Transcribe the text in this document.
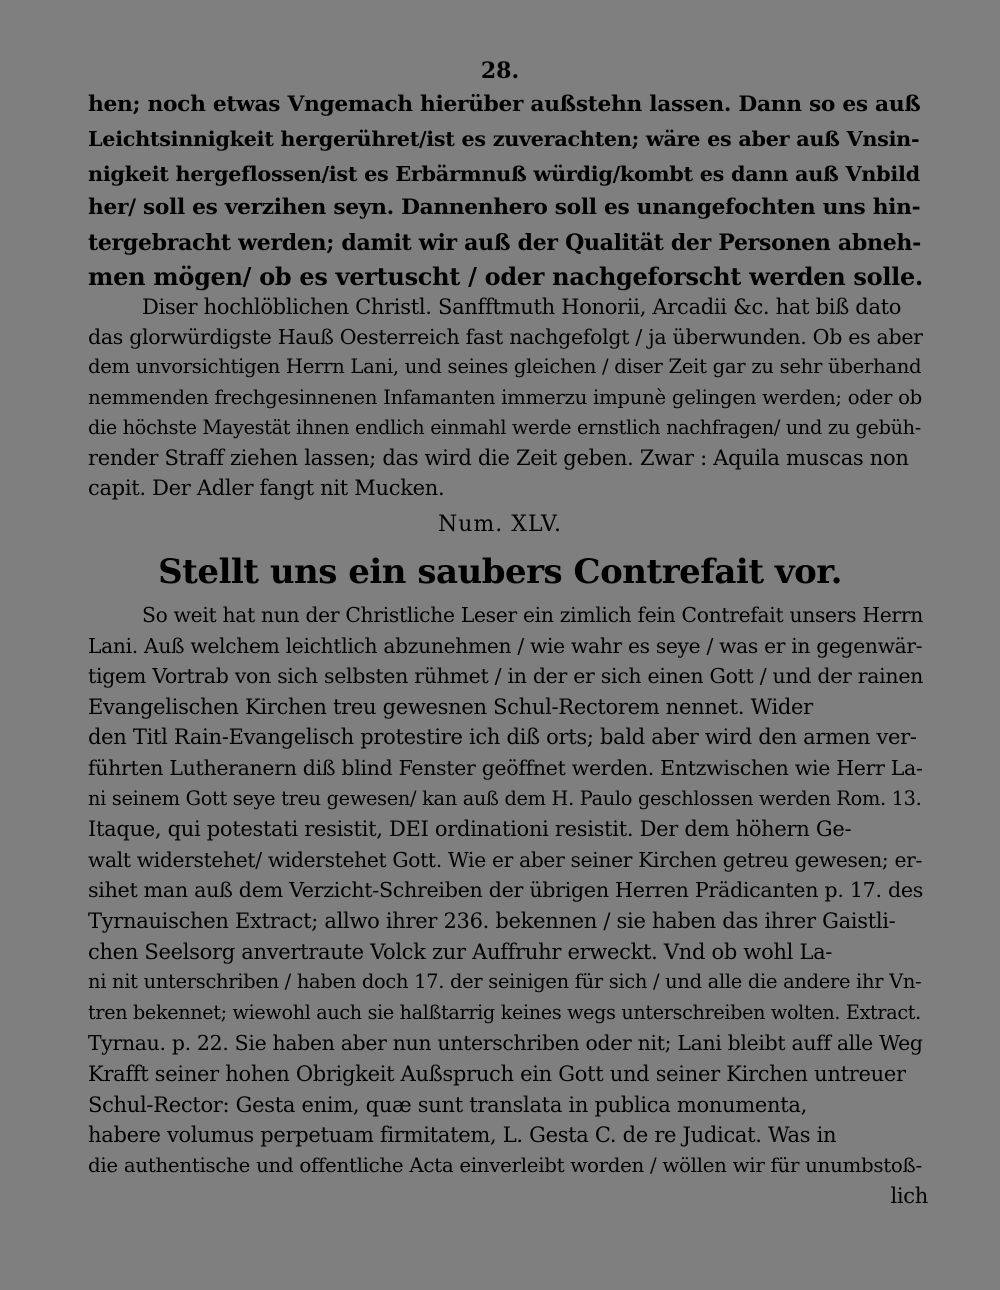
28.
hen; noch etwas Vngemach hierüber außstehn lassen. Dann so es auß
Leichtsinnigkeit hergerühret/ist es zuverachten; wäre es aber auß Vnsin-
nigkeit hergeflossen/ist es Erbärmnuß würdig/kombt es dann auß Vnbild
her/ soll es verzihen seyn. Dannenhero soll es unangefochten uns hin-
tergebracht werden; damit wir auß der Qualität der Personen abneh-
men mögen/ ob es vertuscht / oder nachgeforscht werden solle.
Diser hochlöblichen Christl. Sanfftmuth Honorii, Arcadii &c. hat biß dato
das glorwürdigste Hauß Oesterreich fast nachgefolgt / ja überwunden. Ob es aber
dem unvorsichtigen Herrn Lani, und seines gleichen / diser Zeit gar zu sehr überhand
nemmenden frechgesinnenen Infamanten immerzu impunè gelingen werden; oder ob
die höchste Mayestät ihnen endlich einmahl werde ernstlich nachfragen/ und zu gebüh-
render Straff ziehen lassen; das wird die Zeit geben. Zwar : Aquila muscas non
capit. Der Adler fangt nit Mucken.
Num. XLV.
Stellt uns ein saubers Contrefait vor.
So weit hat nun der Christliche Leser ein zimlich fein Contrefait unsers Herrn
Lani. Auß welchem leichtlich abzunehmen / wie wahr es seye / was er in gegenwär-
tigem Vortrab von sich selbsten rühmet / in der er sich einen Gott / und der rainen
Evangelischen Kirchen treu gewesnen Schul-Rectorem nennet. Wider
den Titl Rain-Evangelisch protestire ich diß orts; bald aber wird den armen ver-
führten Lutheranern diß blind Fenster geöffnet werden. Entzwischen wie Herr La-
ni seinem Gott seye treu gewesen/ kan auß dem H. Paulo geschlossen werden Rom. 13.
Itaque, qui potestati resistit, DEI ordinationi resistit. Der dem höhern Ge-
walt widerstehet/ widerstehet Gott. Wie er aber seiner Kirchen getreu gewesen; er-
sihet man auß dem Verzicht-Schreiben der übrigen Herren Prädicanten p. 17. des
Tyrnauischen Extract; allwo ihrer 236. bekennen / sie haben das ihrer Gaistli-
chen Seelsorg anvertraute Volck zur Auffruhr erweckt. Vnd ob wohl La-
ni nit unterschriben / haben doch 17. der seinigen für sich / und alle die andere ihr Vn-
tren bekennet; wiewohl auch sie halßtarrig keines wegs unterschreiben wolten. Extract.
Tyrnau. p. 22. Sie haben aber nun unterschriben oder nit; Lani bleibt auff alle Weg
Krafft seiner hohen Obrigkeit Außspruch ein Gott und seiner Kirchen untreuer
Schul-Rector: Gesta enim, quæ sunt translata in publica monumenta,
habere volumus perpetuam firmitatem, L. Gesta C. de re Judicat. Was in
die authentische und offentliche Acta einverleibt worden / wöllen wir für unumbstoß-
lich
